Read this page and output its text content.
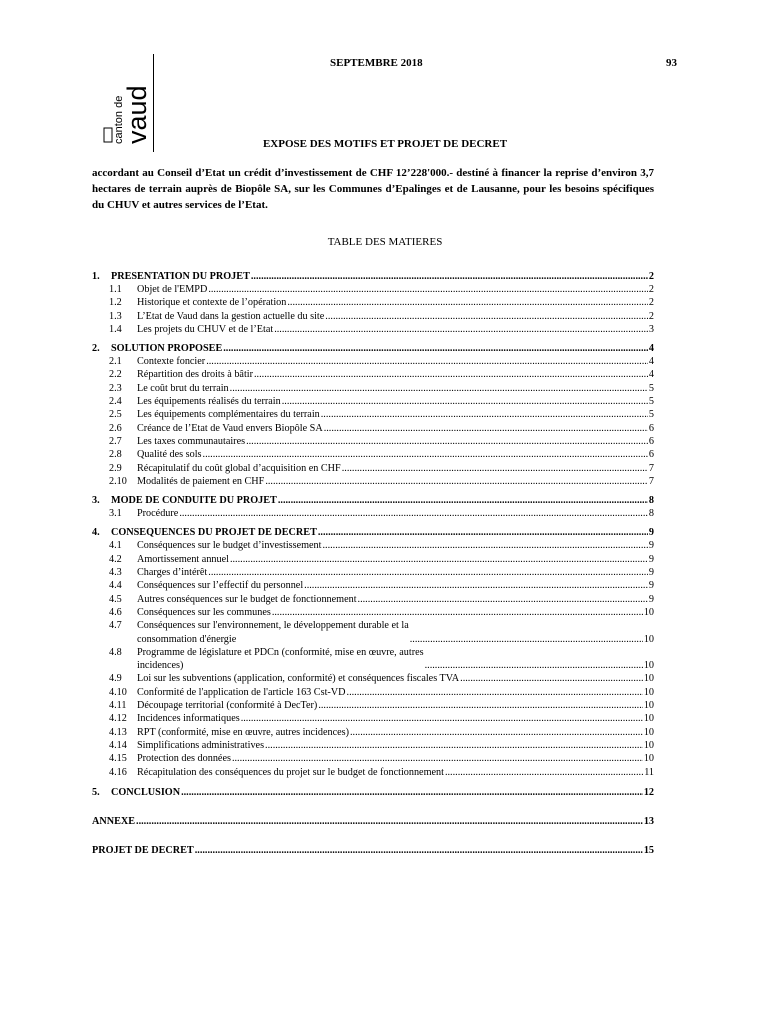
canton de
vaud
SEPTEMBRE 2018	93
EXPOSE DES MOTIFS ET PROJET DE DECRET
accordant au Conseil d’Etat un crédit d’investissement de CHF 12’228'000.- destiné à financer la reprise d’environ 3,7 hectares de terrain auprès de Biopôle SA, sur les Communes d’Epalinges et de Lausanne, pour les besoins spécifiques du CHUV et autres services de l’Etat.
TABLE DES MATIERES
1.	PRESENTATION DU PROJET .....	2
1.1	Objet de l'EMPD .....	2
1.2	Historique et contexte de l’opération .....	2
1.3	L’Etat de Vaud dans la gestion actuelle du site .....	2
1.4	Les projets du CHUV et de l’Etat .....	3
2.	SOLUTION PROPOSEE .....	4
2.1	Contexte foncier .....	4
2.2	Répartition des droits à bâtir .....	4
2.3	Le coût brut du terrain .....	5
2.4	Les équipements réalisés du terrain .....	5
2.5	Les équipements complémentaires du terrain .....	5
2.6	Créance de l’Etat de Vaud envers Biopôle SA .....	6
2.7	Les taxes communautaires .....	6
2.8	Qualité des sols .....	6
2.9	Récapitulatif du coût global d’acquisition en CHF .....	7
2.10 Modalités de paiement en CHF .....	7
3.	MODE DE CONDUITE DU PROJET .....	8
3.1	Procédure .....	8
4.	CONSEQUENCES DU PROJET DE DECRET .....	9
4.1	Conséquences sur le budget d’investissement .....	9
4.2	Amortissement annuel .....	9
4.3	Charges d’intérêt .....	9
4.4	Conséquences sur l’effectif du personnel .....	9
4.5	Autres conséquences sur le budget de fonctionnement .....	9
4.6	Conséquences sur les communes .....	10
4.7	Conséquences sur l'environnement, le développement durable et la
consommation d'énergie .....	10
4.8	Programme de législature et PDCn (conformité, mise en œuvre, autres
incidences) .....	10
4.9	Loi sur les subventions (application, conformité) et conséquences fiscales TVA .....	10
4.10 Conformité de l'application de l'article 163 Cst-VD .....	10
4.11	Découpage territorial (conformité à DecTer) .....	10
4.12 Incidences informatiques .....	10
4.13 RPT (conformité, mise en œuvre, autres incidences) .....	10
4.14 Simplifications administratives .....	10
4.15 Protection des données .....	10
4.16 Récapitulation des conséquences du projet sur le budget de fonctionnement .....	11
5.	CONCLUSION .....	12
ANNEXE .....	13
PROJET DE DECRET .....	15
